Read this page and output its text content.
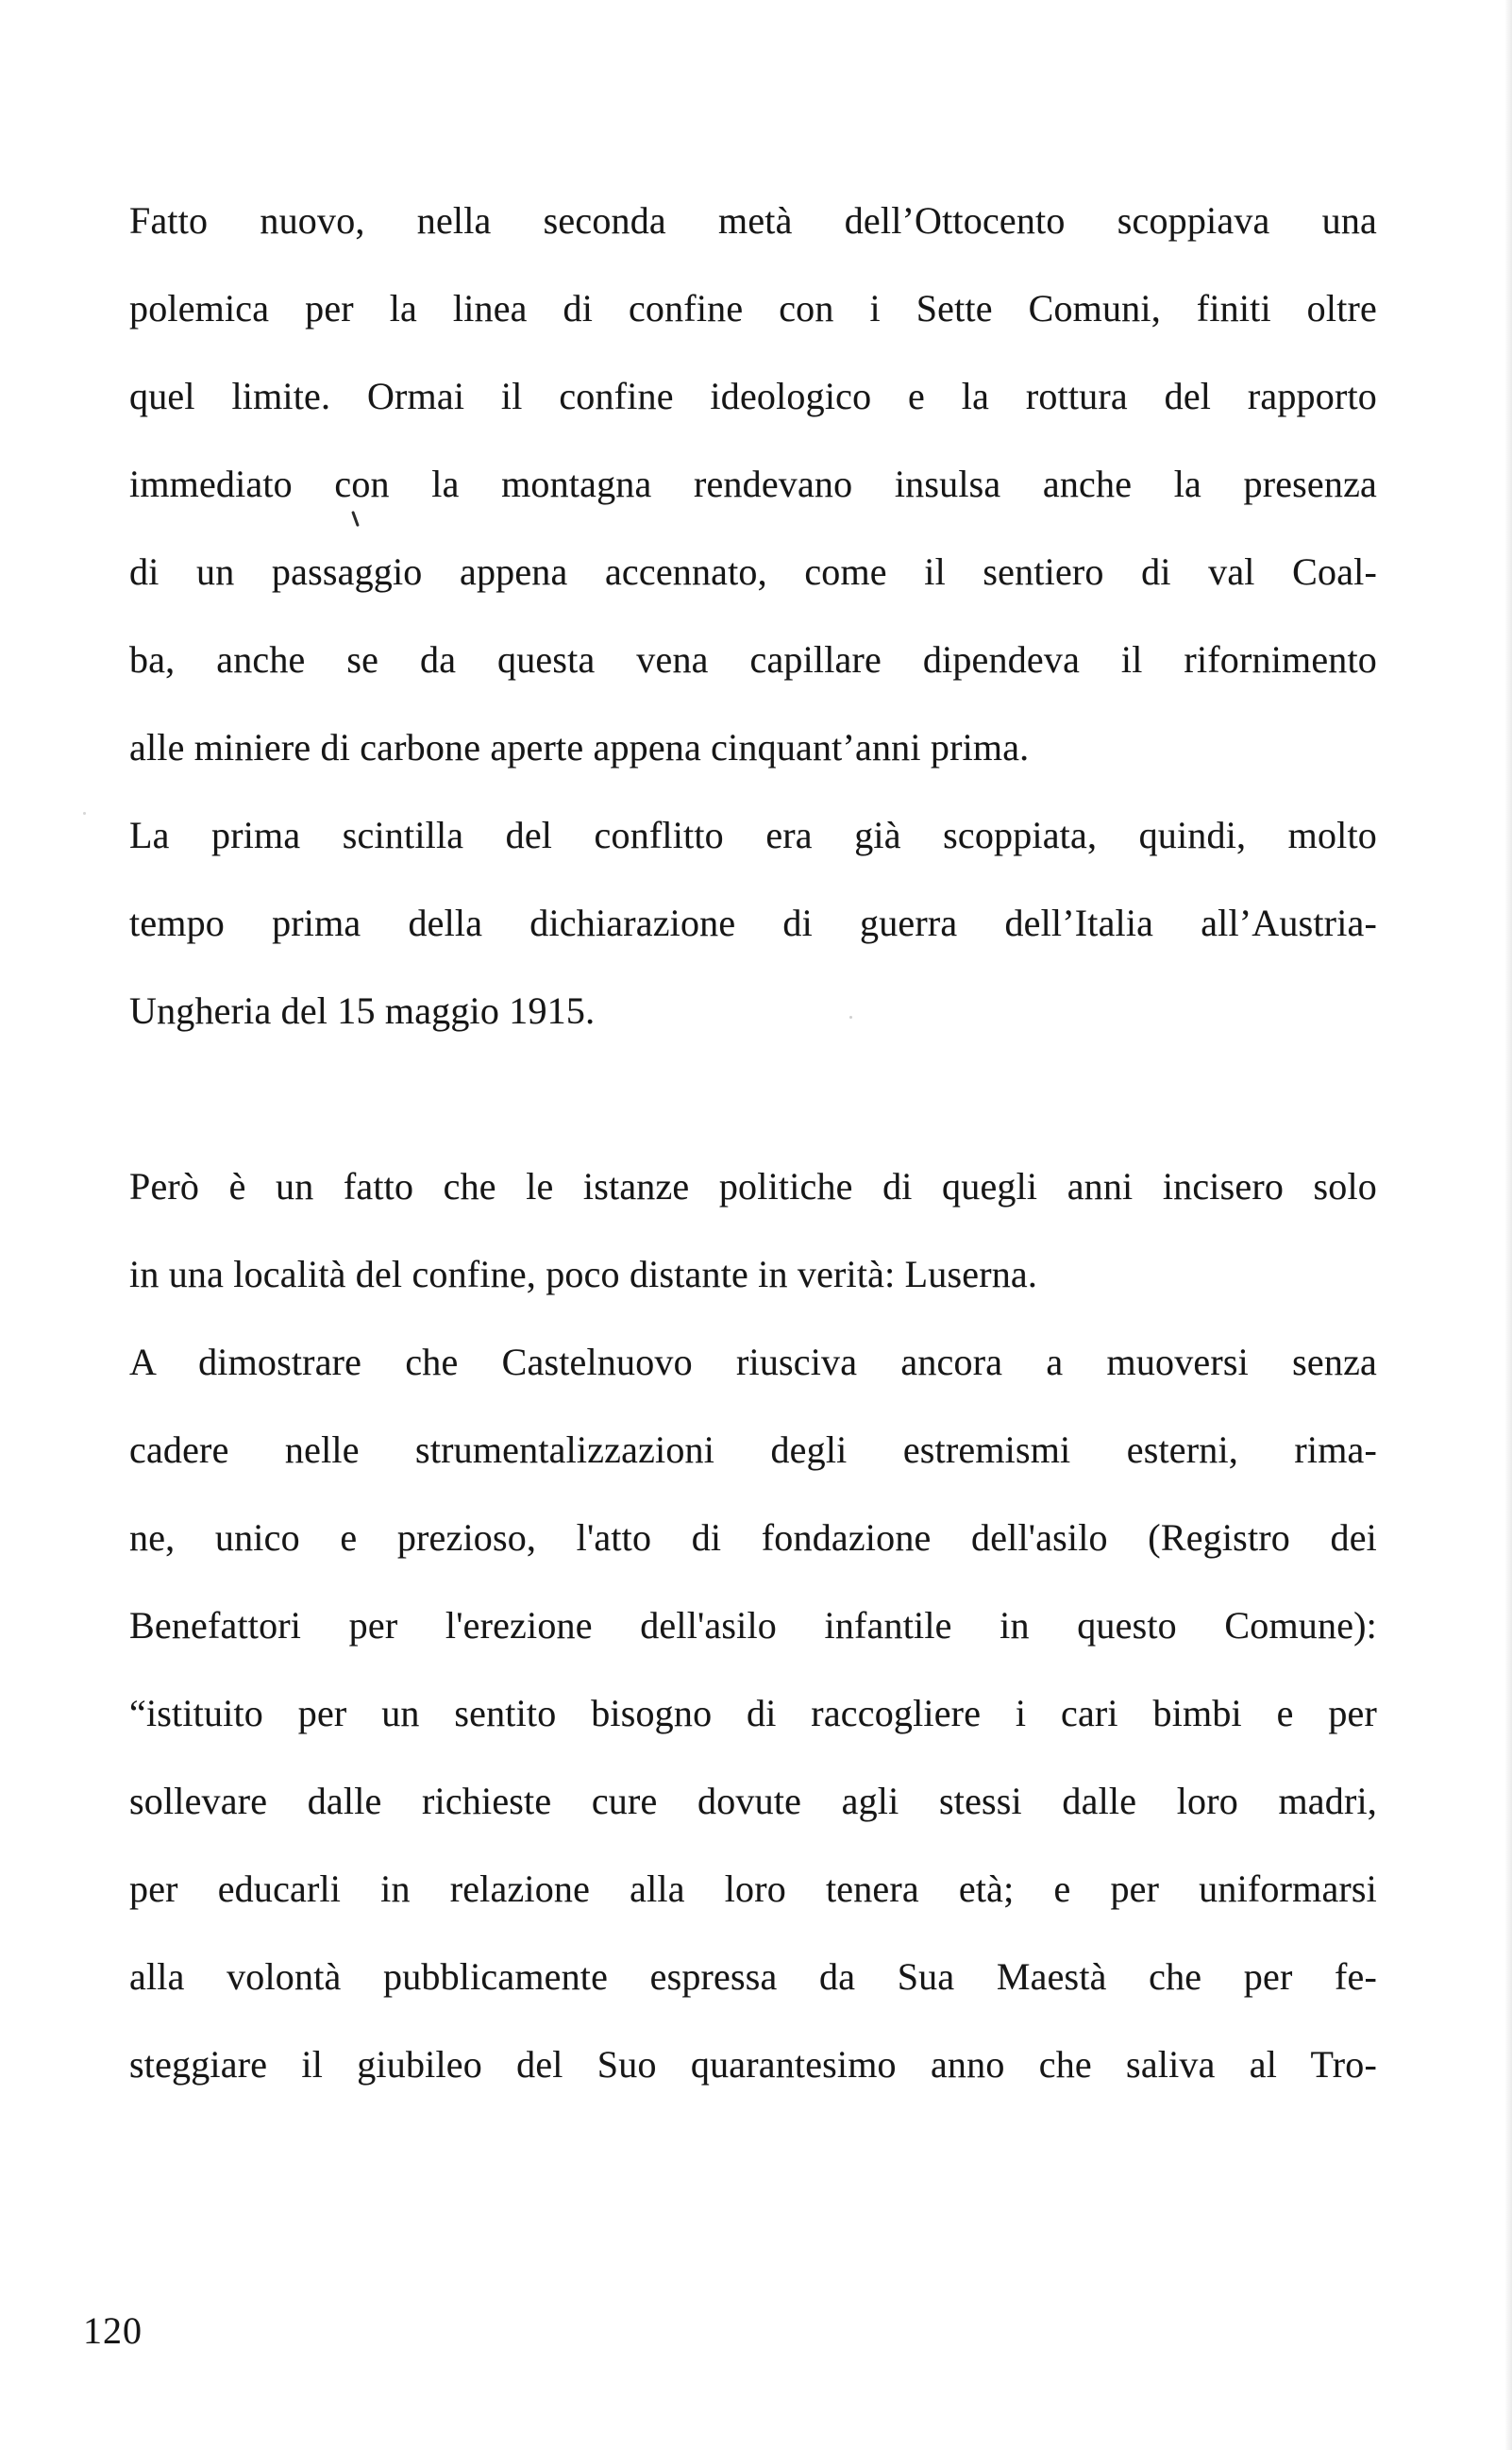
Fatto nuovo, nella seconda metà dell’Ottocento scoppiava una
polemica per la linea di confine con i Sette Comuni, finiti oltre
quel limite. Ormai il confine ideologico e la rottura del rapporto
immediato con la montagna rendevano insulsa anche la presenza
di un passaggio appena accennato, come il sentiero di val Coal-
ba, anche se da questa vena capillare dipendeva il rifornimento
alle miniere di carbone aperte appena cinquant’anni prima.
La prima scintilla del conflitto era già scoppiata, quindi, molto
tempo prima della dichiarazione di guerra dell’Italia all’Austria-
Ungheria del 15 maggio 1915.
Però è un fatto che le istanze politiche di quegli anni incisero solo
in una località del confine, poco distante in verità: Luserna.
A dimostrare che Castelnuovo riusciva ancora a muoversi senza
cadere nelle strumentalizzazioni degli estremismi esterni, rima-
ne, unico e prezioso, l'atto di fondazione dell'asilo (Registro dei
Benefattori per l'erezione dell'asilo infantile in questo Comune):
“istituito per un sentito bisogno di raccogliere i cari bimbi e per
sollevare dalle richieste cure dovute agli stessi dalle loro madri,
per educarli in relazione alla loro tenera età; e per uniformarsi
alla volontà pubblicamente espressa da Sua Maestà che per fe-
steggiare il giubileo del Suo quarantesimo anno che saliva al Tro-
120
